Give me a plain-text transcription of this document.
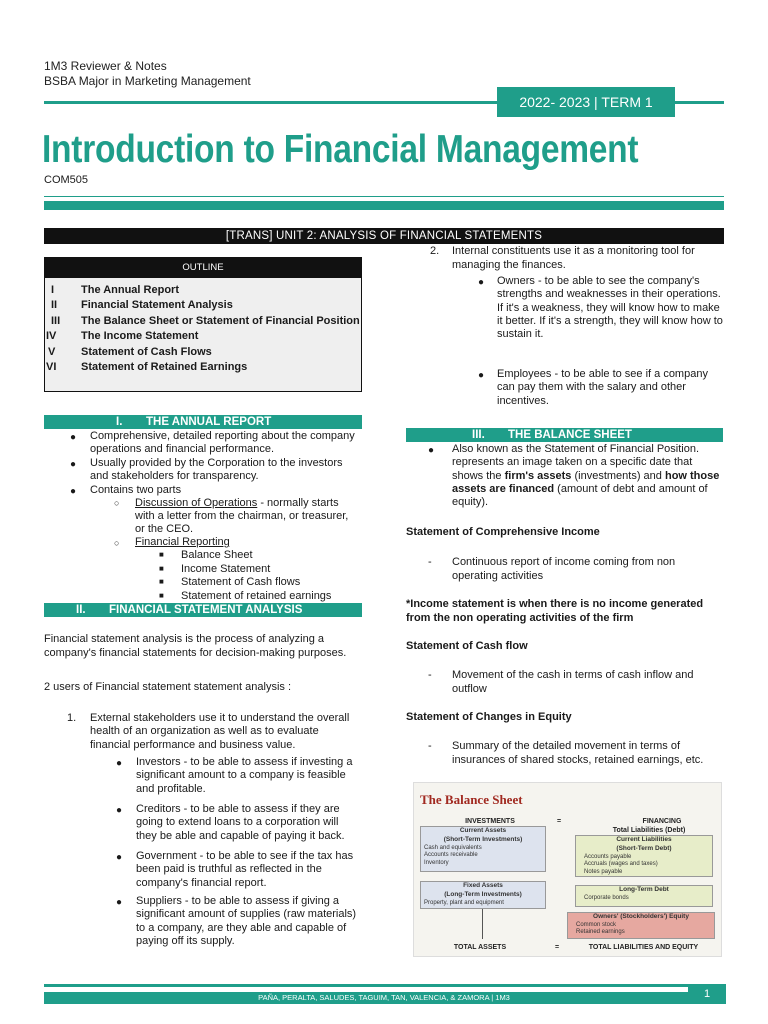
1M3 Reviewer & Notes
BSBA Major in Marketing Management
2022- 2023 | TERM 1
Introduction to Financial Management
COM505
[TRANS] UNIT 2: ANALYSIS OF FINANCIAL STATEMENTS
OUTLINE
I	The Annual Report
II	Financial Statement Analysis
III	The Balance Sheet or Statement of Financial Position
IV	The Income Statement
V	Statement of Cash Flows
VI	Statement of Retained Earnings
I. THE ANNUAL REPORT
● Comprehensive, detailed reporting about the company operations and financial performance.
● Usually provided by the Corporation to the investors and stakeholders for transparency.
● Contains two parts
○ Discussion of Operations - normally starts with a letter from the chairman, or treasurer, or the CEO.
○ Financial Reporting
■ Balance Sheet
■ Income Statement
■ Statement of Cash flows
■ Statement of retained earnings
II. FINANCIAL STATEMENT ANALYSIS
Financial statement analysis is the process of analyzing a company's financial statements for decision-making purposes.
2 users of Financial statement statement analysis :
1. External stakeholders use it to understand the overall health of an organization as well as to evaluate financial performance and business value.
● Investors - to be able to assess if investing a significant amount to a company is feasible and profitable.
● Creditors - to be able to assess if they are going to extend loans to a corporation will they be able and capable of paying it back.
● Government - to be able to see if the tax has been paid is truthful as reflected in the company's financial report.
● Suppliers - to be able to assess if giving a significant amount of supplies (raw materials) to a company, are they able and capable of paying off its supply.
2. Internal constituents use it as a monitoring tool for managing the finances.
● Owners - to be able to see the company's strengths and weaknesses in their operations. If it's a weakness, they will know how to make it better. If it's a strength, they will know how to sustain it.
● Employees - to be able to see if a company can pay them with the salary and other incentives.
III. THE BALANCE SHEET
● Also known as the Statement of Financial Position. represents an image taken on a specific date that shows the firm's assets (investments) and how those assets are financed (amount of debt and amount of equity).
Statement of Comprehensive Income
- Continuous report of income coming from non operating activities
*Income statement is when there is no income generated from the non operating activities of the firm
Statement of Cash flow
- Movement of the cash in terms of cash inflow and outflow
Statement of Changes in Equity
- Summary of the detailed movement in terms of insurances of shared stocks, retained earnings, etc.
The Balance Sheet
INVESTMENTS	=	FINANCING
Total Liabilities (Debt)
Current Assets
(Short-Term Investments)
Cash and equivalents
Accounts receivable
Inventory
Current Liabilities
(Short-Term Debt)
Accounts payable
Accruals (wages and taxes)
Notes payable
Fixed Assets
(Long-Term Investments)
Property, plant and equipment
Long-Term Debt
Corporate bonds
Owners' (Stockholders') Equity
Common stock
Retained earnings
TOTAL ASSETS	=	TOTAL LIABILITIES AND EQUITY
PAÑA, PERALTA, SALUDES, TAGUIM, TAN, VALENCIA, & ZAMORA | 1M3	1
